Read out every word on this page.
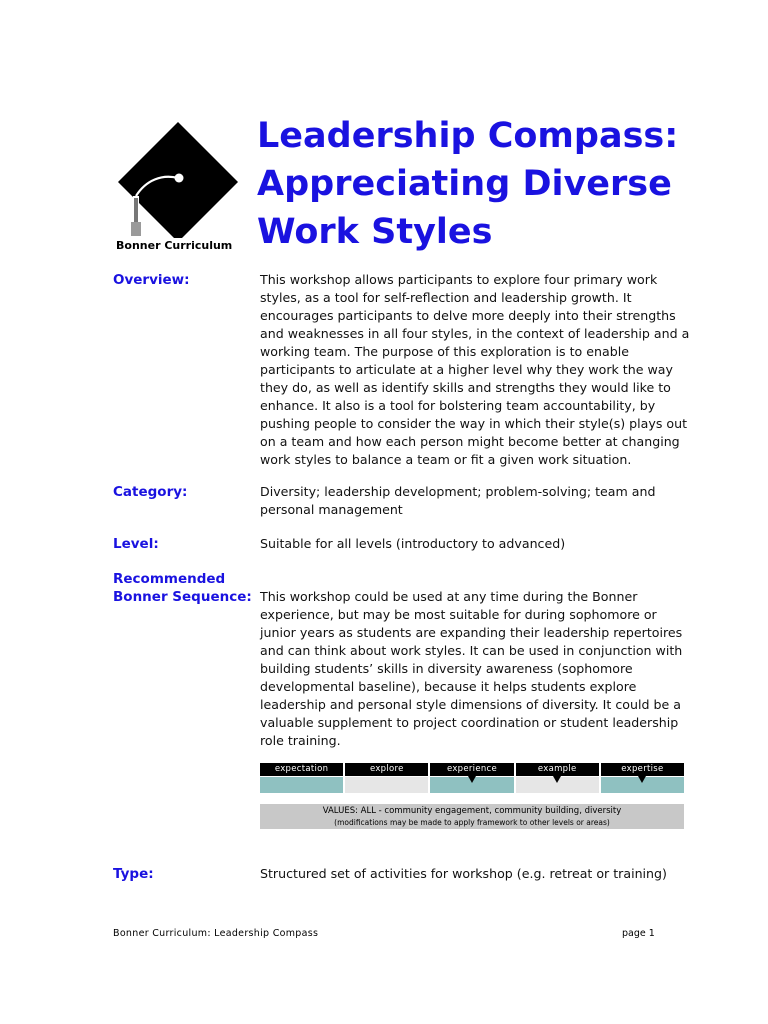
Bonner Curriculum
Leadership Compass:
Appreciating Diverse
Work Styles
Overview:	This workshop allows participants to explore four primary work
styles, as a tool for self-reflection and leadership growth. It
encourages participants to delve more deeply into their strengths
and weaknesses in all four styles, in the context of leadership and a
working team. The purpose of this exploration is to enable
participants to articulate at a higher level why they work the way
they do, as well as identify skills and strengths they would like to
enhance. It also is a tool for bolstering team accountability, by
pushing people to consider the way in which their style(s) plays out
on a team and how each person might become better at changing
work styles to balance a team or fit a given work situation.
Category:	Diversity; leadership development; problem-solving; team and
personal management
Level:	Suitable for all levels (introductory to advanced)
Recommended
Bonner Sequence: This workshop could be used at any time during the Bonner
experience, but may be most suitable for during sophomore or
junior years as students are expanding their leadership repertoires
and can think about work styles. It can be used in conjunction with
building students’ skills in diversity awareness (sophomore
developmental baseline), because it helps students explore
leadership and personal style dimensions of diversity. It could be a
valuable supplement to project coordination or student leadership
role training.
expectation	explore	experience	example	expertise
VALUES: ALL - community engagement, community building, diversity
(modifications may be made to apply framework to other levels or areas)
Type:	Structured set of activities for workshop (e.g. retreat or training)
Bonner Curriculum: Leadership Compass	page 1
